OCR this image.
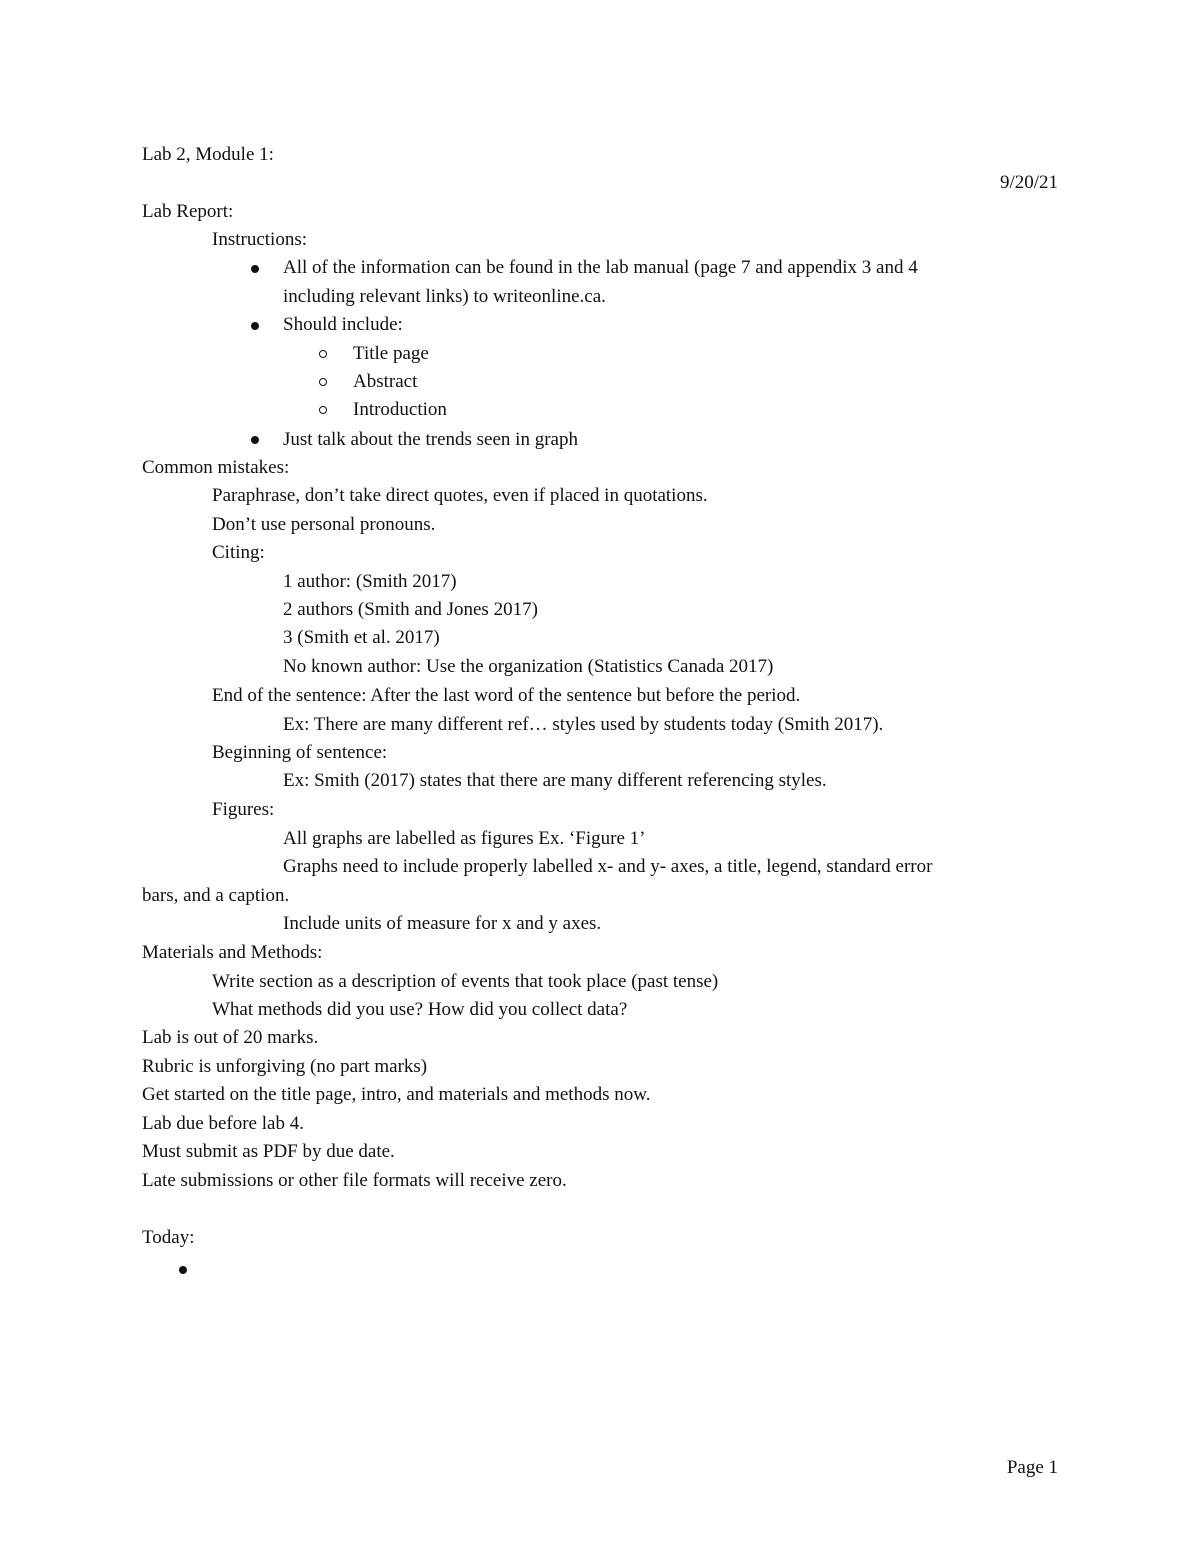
Lab 2, Module 1:
9/20/21
Lab Report:
Instructions:
All of the information can be found in the lab manual (page 7 and appendix 3 and 4
including relevant links) to writeonline.ca.
Should include:
Title page
Abstract
Introduction
Just talk about the trends seen in graph
Common mistakes:
Paraphrase, don’t take direct quotes, even if placed in quotations.
Don’t use personal pronouns.
Citing:
1 author: (Smith 2017)
2 authors (Smith and Jones 2017)
3 (Smith et al. 2017)
No known author: Use the organization (Statistics Canada 2017)
End of the sentence: After the last word of the sentence but before the period.
Ex: There are many different ref… styles used by students today (Smith 2017).
Beginning of sentence:
Ex: Smith (2017) states that there are many different referencing styles.
Figures:
All graphs are labelled as figures Ex. ‘Figure 1’
Graphs need to include properly labelled x- and y- axes, a title, legend, standard error
bars, and a caption.
Include units of measure for x and y axes.
Materials and Methods:
Write section as a description of events that took place (past tense)
What methods did you use? How did you collect data?
Lab is out of 20 marks.
Rubric is unforgiving (no part marks)
Get started on the title page, intro, and materials and methods now.
Lab due before lab 4.
Must submit as PDF by due date.
Late submissions or other file formats will receive zero.
Today:
Page 1
